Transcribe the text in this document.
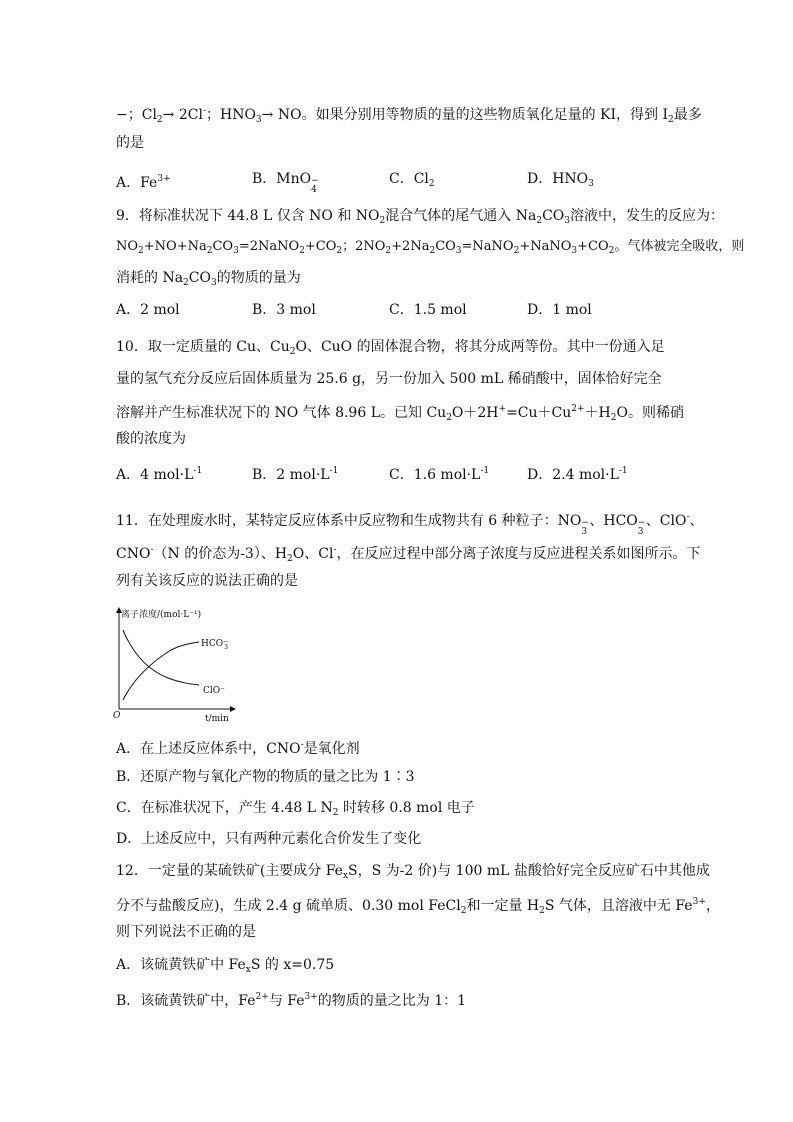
−；$Cl_2\to 2Cl^-$；$HNO_3\to$ NO。如果分别用等物质的量的这些物质氧化足量的 KI，得到 $I_2$最多
的是
A．$Fe^{3+}$	B．MnO −
4
C．$Cl_2$	D．$HNO_3$
9．将标准状况下 44.8 L 仅含 NO 和 $NO_2$混合气体的尾气通入 $Na_2CO_3$溶液中，发生的反应为：
$NO_2+NO+Na_2CO_3=2NaNO_2+CO_2$；$2NO_2+2Na_2CO_3=NaNO_2+NaNO_3+CO_2$。气体被完全吸收，则
消耗的 $Na_2CO_3$的物质的量为
A．2 mol	B．3 mol	C．1.5 mol	D．1 mol
10．取一定质量的 Cu、$Cu_2O$、CuO 的固体混合物，将其分成两等份。其中一份通入足
量的氢气充分反应后固体质量为 25.6 g，另一份加入 500 mL 稀硝酸中，固体恰好完全
溶解并产生标准状况下的 NO 气体 8.96 L。已知 $Cu_2O+2H^+=Cu+Cu^{2+}+H_2O$。则稀硝
酸的浓度为
A．4 $mol\cdot L^{-1}$	B．2 $mol\cdot L^{-1}$	C．1.6 $mol\cdot L^{-1}$	D．2.4 $mol\cdot L^{-1}$
11．在处理废水时，某特定反应体系中反应物和生成物共有 6 种粒子：NO −
3
、HCO −
3
、ClO-、
CNO-（N 的价态为-3）、$H_2O$、Cl-，在反应过程中部分离子浓度与反应进程关系如图所示。下
列有关该反应的说法正确的是
离子浓度/(mol·L⁻¹)
HCO− 3
ClO⁻
O	t/min
A．在上述反应体系中，CNO-是氧化剂
B．还原产物与氧化产物的物质的量之比为 1∶3
C．在标准状况下，产生 4.48 L $N_2$ 时转移 0.8 mol 电子
D．上述反应中，只有两种元素化合价发生了变化
12．一定量的某硫铁矿(主要成分 $Fe_xS$，S 为-2 价)与 100 mL 盐酸恰好完全反应矿石中其他成
分不与盐酸反应)，生成 2.4 g 硫单质、0.30 mol FeCl$_2$和一定量 $H_2S$ 气体，且溶液中无 $Fe^{3+}$，
则下列说法不正确的是
A．该硫黄铁矿中 $Fe_xS$ 的 x=0.75
B．该硫黄铁矿中，$Fe^{2+}$与 $Fe^{3+}$的物质的量之比为 1：1
